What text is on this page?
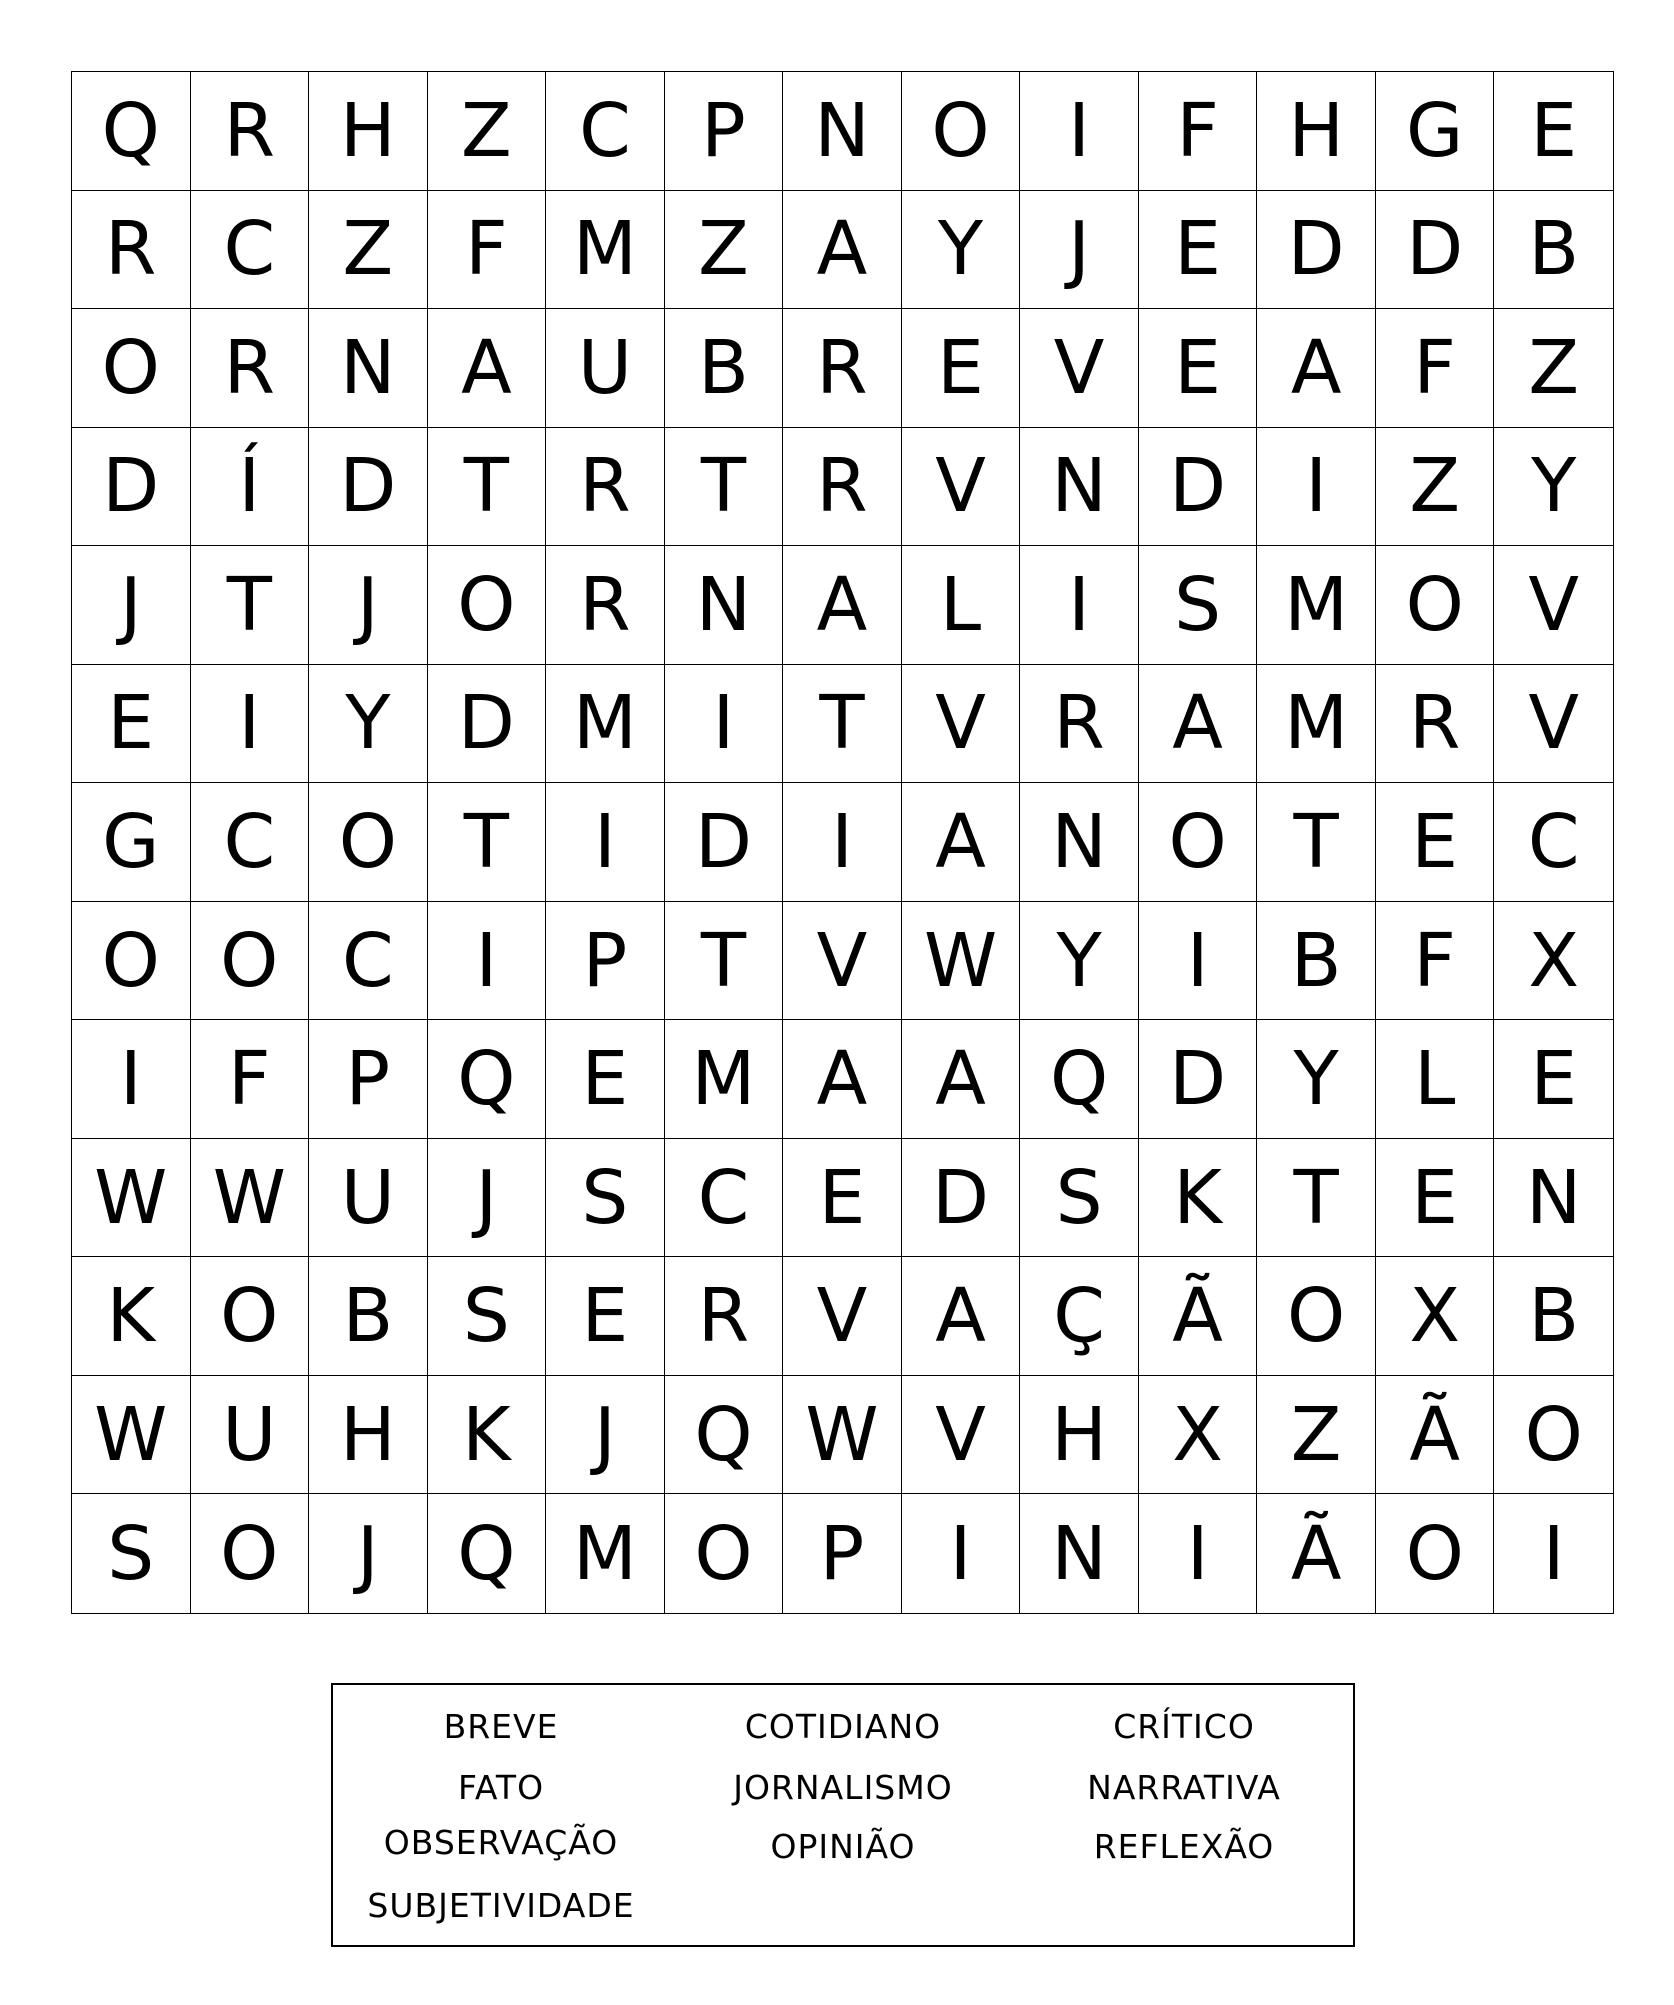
Q R H Z C P N O	I	F H G E
R C Z F M Z A Y	J	E D D B
O R N A U B R E V E A F Z
D	Í	D T R T R V N D	I	Z Y
J	T	J	O R N A L	I	S M O V
E	I	Y D M	I	T V R A M R V
G C O T	I	D	I	A N O T E C
O O C	I	P T V W Y	I	B F X
I	F	P Q E M A A Q D Y	L	E
W W U	J	S C E D S K T E N
K O B S E R V A Ç Ã O X B
W U H K	J	Q W V H X Z Ã O
S O	J	Q M O P	I	N	I	Ã O	I
BREVE	COTIDIANO	CRÍTICO
FATO	JORNALISMO	NARRATIVA
OBSERVAÇÃO	OPINIÃO	REFLEXÃO
SUBJETIVIDADE
